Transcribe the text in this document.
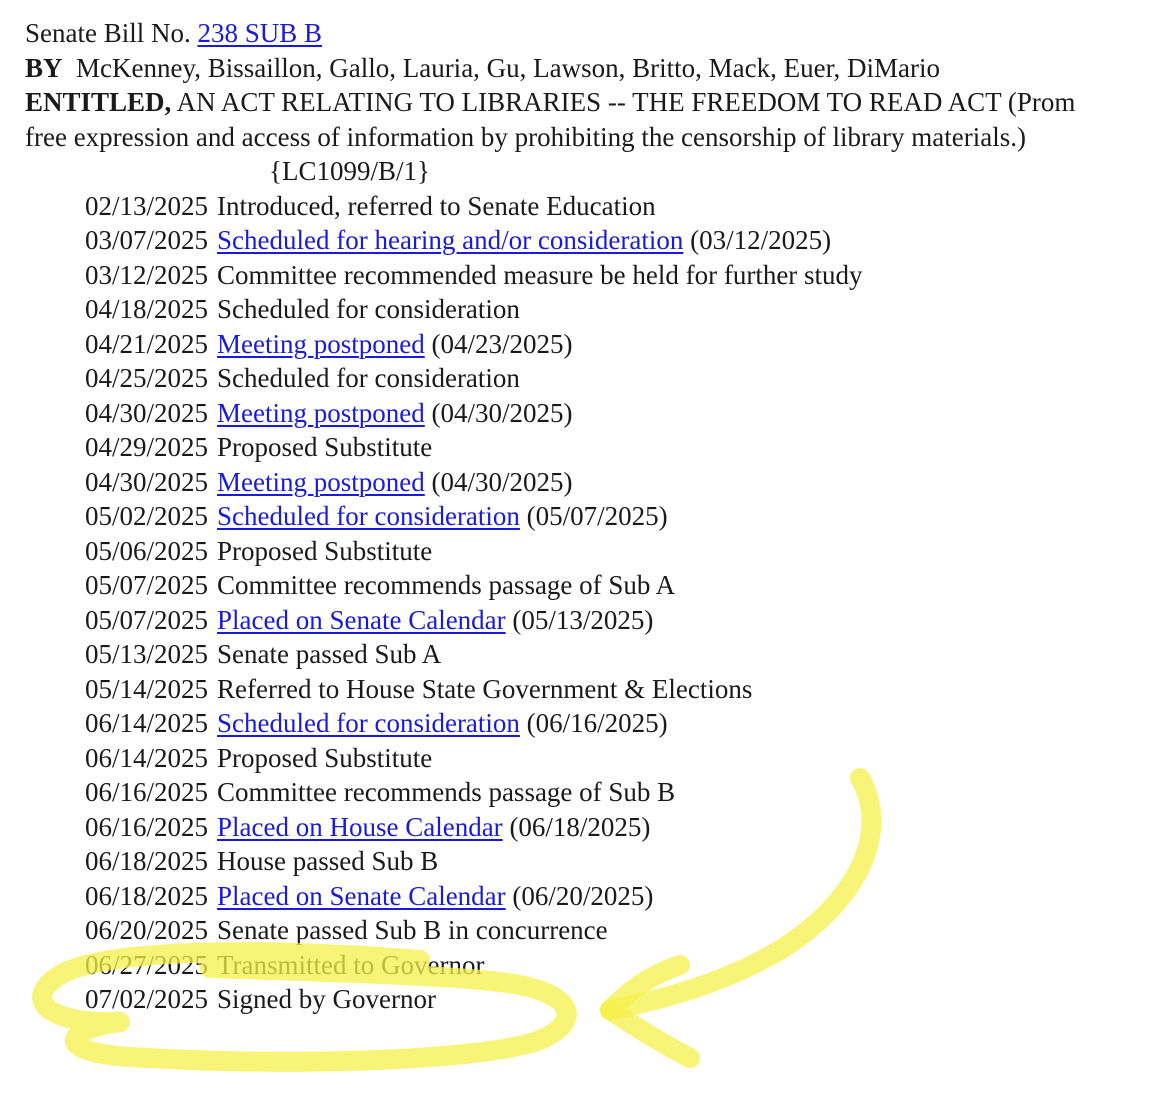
Senate Bill No. 238 SUB B
BY McKenney, Bissaillon, Gallo, Lauria, Gu, Lawson, Britto, Mack, Euer, DiMario
ENTITLED, AN ACT RELATING TO LIBRARIES -- THE FREEDOM TO READ ACT (Prom
free expression and access of information by prohibiting the censorship of library materials.)
{LC1099/B/1}
02/13/2025 Introduced, referred to Senate Education
03/07/2025 Scheduled for hearing and/or consideration (03/12/2025)
03/12/2025 Committee recommended measure be held for further study
04/18/2025 Scheduled for consideration
04/21/2025 Meeting postponed (04/23/2025)
04/25/2025 Scheduled for consideration
04/30/2025 Meeting postponed (04/30/2025)
04/29/2025 Proposed Substitute
04/30/2025 Meeting postponed (04/30/2025)
05/02/2025 Scheduled for consideration (05/07/2025)
05/06/2025 Proposed Substitute
05/07/2025 Committee recommends passage of Sub A
05/07/2025 Placed on Senate Calendar (05/13/2025)
05/13/2025 Senate passed Sub A
05/14/2025 Referred to House State Government & Elections
06/14/2025 Scheduled for consideration (06/16/2025)
06/14/2025 Proposed Substitute
06/16/2025 Committee recommends passage of Sub B
06/16/2025 Placed on House Calendar (06/18/2025)
06/18/2025 House passed Sub B
06/18/2025 Placed on Senate Calendar (06/20/2025)
06/20/2025 Senate passed Sub B in concurrence
06/27/2025 Transmitted to Governor
07/02/2025 Signed by Governor
